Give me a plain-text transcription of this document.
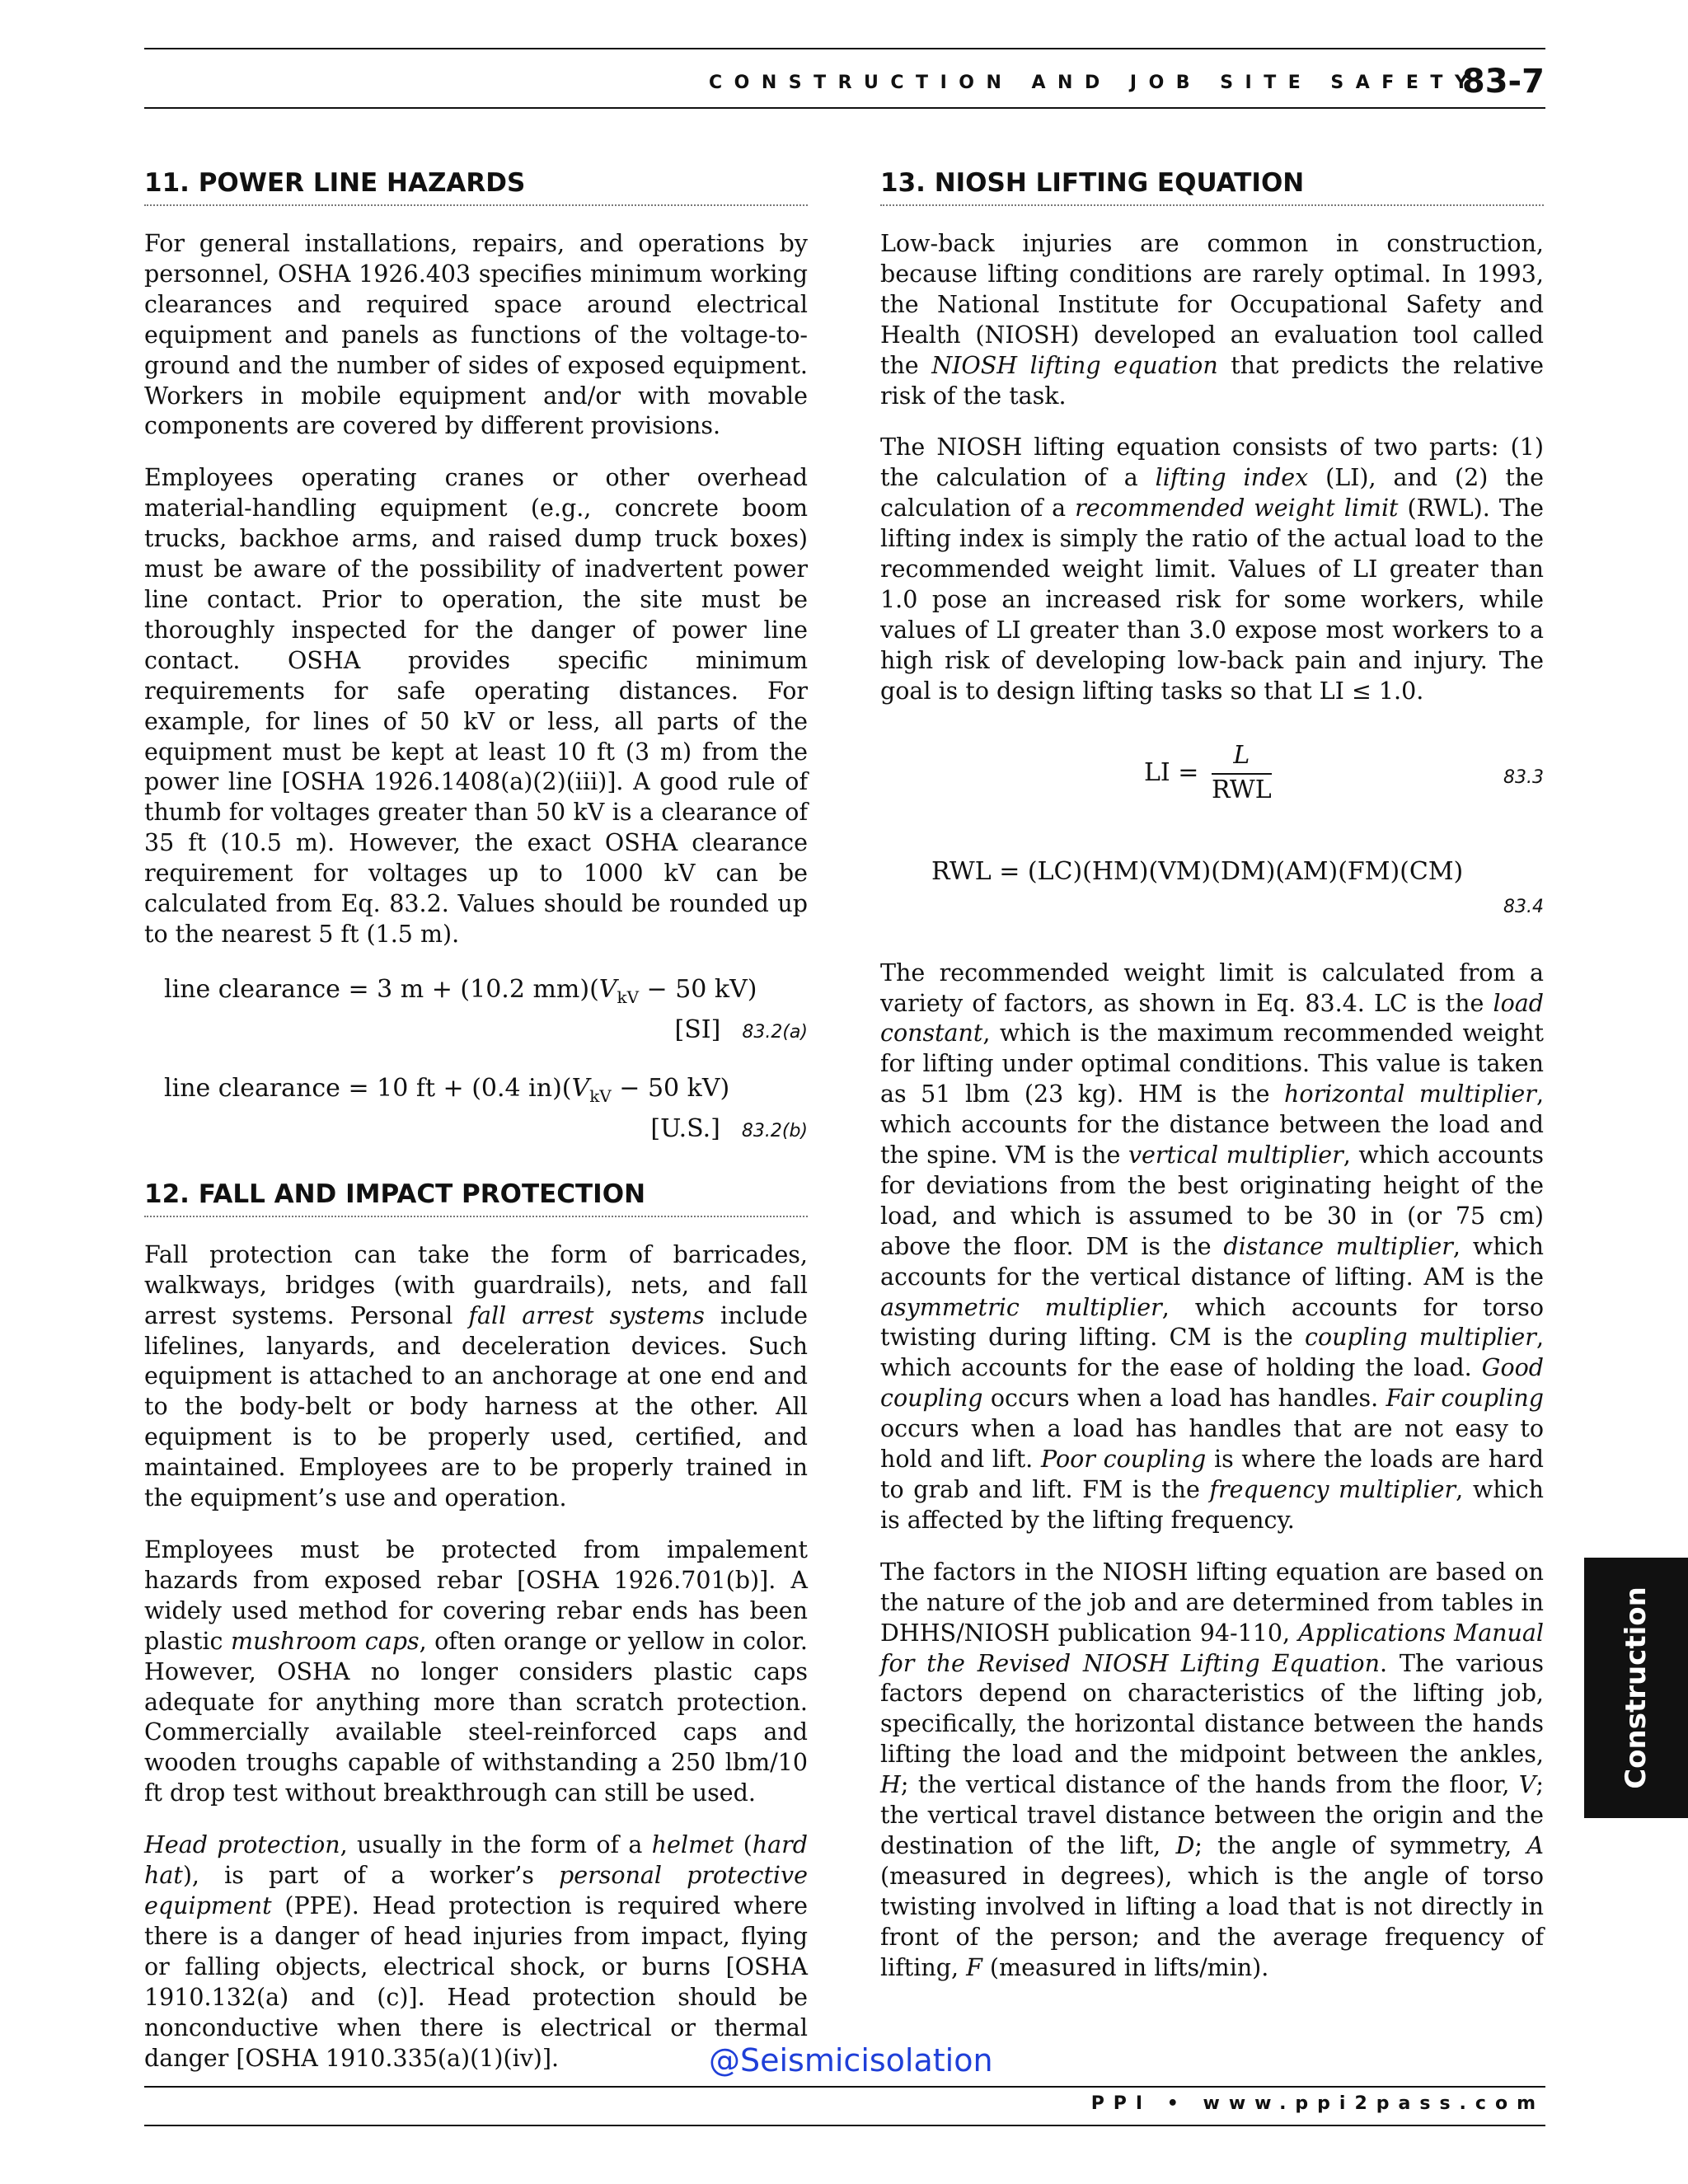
CONSTRUCTION AND JOB SITE SAFETY
83-7
11. POWER LINE HAZARDS

For general installations, repairs, and operations by personnel, OSHA 1926.403 specifies minimum working clearances and required space around electrical equipment and panels as functions of the voltage-to-ground and the number of sides of exposed equipment. Workers in mobile equipment and/or with movable components are covered by different provisions.

Employees operating cranes or other overhead material-handling equipment (e.g., concrete boom trucks, backhoe arms, and raised dump truck boxes) must be aware of the possibility of inadvertent power line contact. Prior to operation, the site must be thoroughly inspected for the danger of power line contact. OSHA provides specific minimum requirements for safe operating distances. For example, for lines of 50 kV or less, all parts of the equipment must be kept at least 10 ft (3 m) from the power line [OSHA 1926.1408(a)(2)(iii)]. A good rule of thumb for voltages greater than 50 kV is a clearance of 35 ft (10.5 m). However, the exact OSHA clearance requirement for voltages up to 1000 kV can be calculated from Eq. 83.2. Values should be rounded up to the nearest 5 ft (1.5 m).

line clearance = 3 m + (10.2 $mm)(V_{kV} - 50$ kV)
[SI] 83.2(a)
line clearance = 10 ft + (0.4 $in)(V_{kV} - 50$ kV)
[U.S.] 83.2(b)
12. FALL AND IMPACT PROTECTION

Fall protection can take the form of barricades, walkways, bridges (with guardrails), nets, and fall arrest systems. Personal fall arrest systems include lifelines, lanyards, and deceleration devices. Such equipment is attached to an anchorage at one end and to the body-belt or body harness at the other. All equipment is to be properly used, certified, and maintained. Employees are to be properly trained in the equipment’s use and operation.

Employees must be protected from impalement hazards from exposed rebar [OSHA 1926.701(b)]. A widely used method for covering rebar ends has been plastic mushroom caps, often orange or yellow in color. However, OSHA no longer considers plastic caps adequate for anything more than scratch protection. Commercially available steel-reinforced caps and wooden troughs capable of withstanding a 250 lbm/10 ft drop test without breakthrough can still be used.

Head protection, usually in the form of a helmet (hard hat), is part of a worker’s personal protective equipment (PPE). Head protection is required where there is a danger of head injuries from impact, flying or falling objects, electrical shock, or burns [OSHA 1910.132(a) and (c)]. Head protection should be nonconductive when there is electrical or thermal danger [OSHA 1910.335(a)(1)(iv)].

13. NIOSH LIFTING EQUATION

Low-back injuries are common in construction, because lifting conditions are rarely optimal. In 1993, the National Institute for Occupational Safety and Health (NIOSH) developed an evaluation tool called the NIOSH lifting equation that predicts the relative risk of the task.

The NIOSH lifting equation consists of two parts: (1) the calculation of a lifting index (LI), and (2) the calculation of a recommended weight limit (RWL). The lifting index is simply the ratio of the actual load to the recommended weight limit. Values of LI greater than 1.0 pose an increased risk for some workers, while values of LI greater than 3.0 expose most workers to a high risk of developing low-back pain and injury. The goal is to design lifting tasks so that LI ≤ 1.0.

LI = $\frac{L}{\text{RWL}}$	83.3
RWL = (LC)(HM)(VM)(DM)(AM)(FM)(CM)
83.4

The recommended weight limit is calculated from a variety of factors, as shown in Eq. 83.4. LC is the load constant, which is the maximum recommended weight for lifting under optimal conditions. This value is taken as 51 lbm (23 kg). HM is the horizontal multiplier, which accounts for the distance between the load and the spine. VM is the vertical multiplier, which accounts for deviations from the best originating height of the load, and which is assumed to be 30 in (or 75 cm) above the floor. DM is the distance multiplier, which accounts for the vertical distance of lifting. AM is the asymmetric multiplier, which accounts for torso twisting during lifting. CM is the coupling multiplier, which accounts for the ease of holding the load. Good coupling occurs when a load has handles. Fair coupling occurs when a load has handles that are not easy to hold and lift. Poor coupling is where the loads are hard to grab and lift. FM is the frequency multiplier, which is affected by the lifting frequency.

The factors in the NIOSH lifting equation are based on the nature of the job and are determined from tables in DHHS/NIOSH publication 94-110, Applications Manual for the Revised NIOSH Lifting Equation. The various factors depend on characteristics of the lifting job, specifically, the horizontal distance between the hands lifting the load and the midpoint between the ankles, H; the vertical distance of the hands from the floor, V; the vertical travel distance between the origin and the destination of the lift, D; the angle of symmetry, A (measured in degrees), which is the angle of torso twisting involved in lifting a load that is not directly in front of the person; and the average frequency of lifting, F (measured in lifts/min).

Construction
@Seismicisolation
PPI • www.ppi2pass.com
